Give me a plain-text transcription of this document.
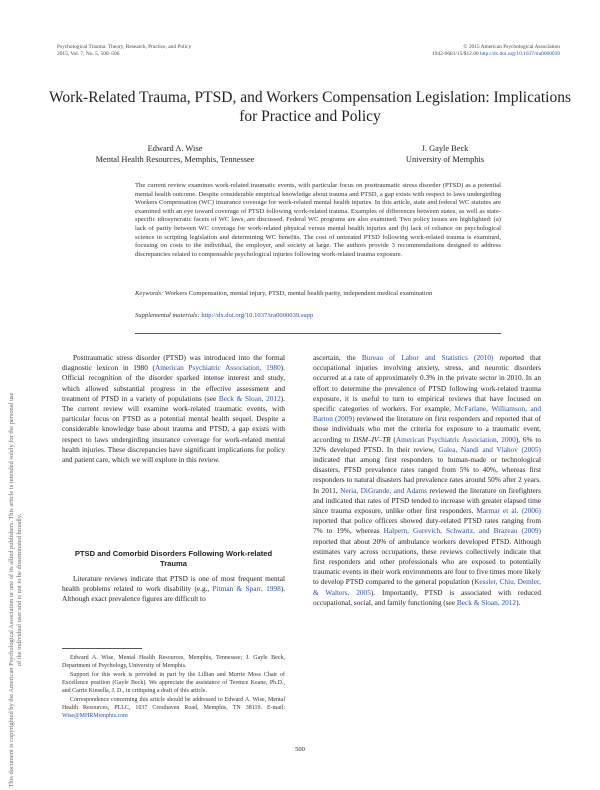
This document is copyrighted by the American Psychological Association or one of its allied publishers. This article is intended solely for the personal use of the individual user and is not to be disseminated broadly.
Psychological Trauma: Theory, Research, Practice, and Policy
2015, Vol. 7, No. 5, 500–506
© 2015 American Psychological Association
1942-9681/15/$12.00 http://dx.doi.org/10.1037/tra0000039
Work-Related Trauma, PTSD, and Workers Compensation Legislation: Implications for Practice and Policy
Edward A. Wise
Mental Health Resources, Memphis, Tennessee
J. Gayle Beck
University of Memphis
The current review examines work-related traumatic events, with particular focus on posttraumatic stress disorder (PTSD) as a potential mental health outcome. Despite considerable empirical knowledge about trauma and PTSD, a gap exists with respect to laws undergirding Workers Compensation (WC) insurance coverage for work-related mental health injuries. In this article, state and federal WC statutes are examined with an eye toward coverage of PTSD following work-related trauma. Examples of differences between states, as well as state-specific idiosyncratic facets of WC laws, are discussed. Federal WC programs are also examined. Two policy issues are highlighted: (a) lack of parity between WC coverage for work-related physical versus mental health injuries and (b) lack of reliance on psychological science in scripting legislation and determining WC benefits. The cost of untreated PTSD following work-related trauma is examined, focusing on costs to the individual, the employer, and society at large. The authors provide 3 recommendations designed to address discrepancies related to compensable psychological injuries following work-related trauma exposure.
Keywords: Workers Compensation, mental injury, PTSD, mental health parity, independent medical examination
Supplemental materials: http://dx.doi.org/10.1037/tra0000039.supp

Posttraumatic stress disorder (PTSD) was introduced into the formal diagnostic lexicon in 1980 (American Psychiatric Association, 1980). Official recognition of the disorder sparked intense interest and study, which allowed substantial progress in the effective assessment and treatment of PTSD in a variety of populations (see Beck & Sloan, 2012). The current review will examine work-related traumatic events, with particular focus on PTSD as a potential mental health sequel. Despite a considerable knowledge base about trauma and PTSD, a gap exists with respect to laws undergirding insurance coverage for work-related mental health injuries. These discrepancies have significant implications for policy and patient care, which we will explore in this review.

PTSD and Comorbid Disorders Following Work-related Trauma

Literature reviews indicate that PTSD is one of most frequent mental health problems related to work disability (e.g., Pitman & Sparr, 1998). Although exact prevalence figures are difficult to

Edward A. Wise, Mental Health Resources, Memphis, Tennessee; J. Gayle Beck, Department of Psychology, University of Memphis.

Support for this work is provided in part by the Lillian and Morrie Moss Chair of Excellence position (Gayle Beck). We appreciate the assistance of Terence Keane, Ph.D., and Carrie Kinsella, J. D., in critiquing a draft of this article.

Correspondence concerning this article should be addressed to Edward A. Wise, Mental Health Resources, PLLC, 1037 Cresthaven Road, Memphis, TN 38119. E-mail: Wise@MHRMemphis.com

ascertain, the Bureau of Labor and Statistics (2010) reported that occupational injuries involving anxiety, stress, and neurotic disorders occurred at a rate of approximately 0.3% in the private sector in 2010. In an effort to determine the prevalence of PTSD following work-related trauma exposure, it is useful to turn to empirical reviews that have focused on specific categories of workers. For example, McFarlane, Williamson, and Barton (2009) reviewed the literature on first responders and reported that of those individuals who met the criteria for exposure to a traumatic event, according to DSM–IV–TR (American Psychiatric Association, 2000), 6% to 32% developed PTSD. In their review, Galea, Nandi and Vlahov (2005) indicated that among first responders to human-made or technological disasters, PTSD prevalence rates ranged from 5% to 40%, whereas first responders to natural disasters had prevalence rates around 50% after 2 years. In 2011, Neria, DiGrande, and Adams reviewed the literature on firefighters and indicated that rates of PTSD tended to increase with greater elapsed time since trauma exposure, unlike other first responders. Marmar et al. (2006) reported that police officers showed duty-related PTSD rates ranging from 7% to 19%, whereas Halpern, Gurevich, Schwartz, and Brazeau (2009) reported that about 20% of ambulance workers developed PTSD. Although estimates vary across occupations, these reviews collectively indicate that first responders and other professionals who are exposed to potentially traumatic events in their work environments are four to five times more likely to develop PTSD compared to the general population (Kessler, Chiu, Demler, & Walters, 2005). Importantly, PTSD is associated with reduced occupational, social, and family functioning (see Beck & Sloan, 2012).

500
